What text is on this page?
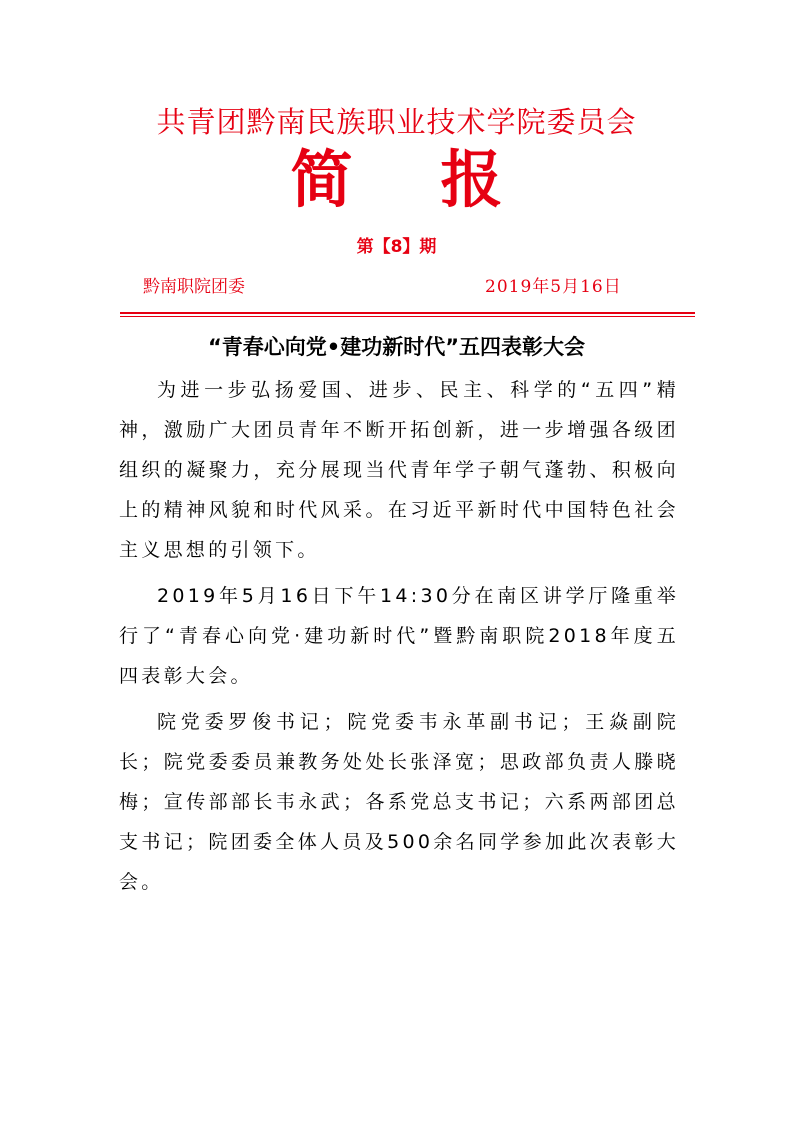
共青团黔南民族职业技术学院委员会
简报
第【8】期
黔南职院团委	2019年5月16日
“青春心向党•建功新时代”五四表彰大会

为进一步弘扬爱国、进步、民主、科学的“五四”精神，激励广大团员青年不断开拓创新，进一步增强各级团组织的凝聚力，充分展现当代青年学子朝气蓬勃、积极向上的精神风貌和时代风采。在习近平新时代中国特色社会主义思想的引领下。

2019年5月16日下午14:30分在南区讲学厅隆重举行了“青春心向党·建功新时代”暨黔南职院2018年度五四表彰大会。

院党委罗俊书记；院党委韦永革副书记；王焱副院长；院党委委员兼教务处处长张泽宽；思政部负责人滕晓梅；宣传部部长韦永武；各系党总支书记；六系两部团总支书记；院团委全体人员及500余名同学参加此次表彰大会。
